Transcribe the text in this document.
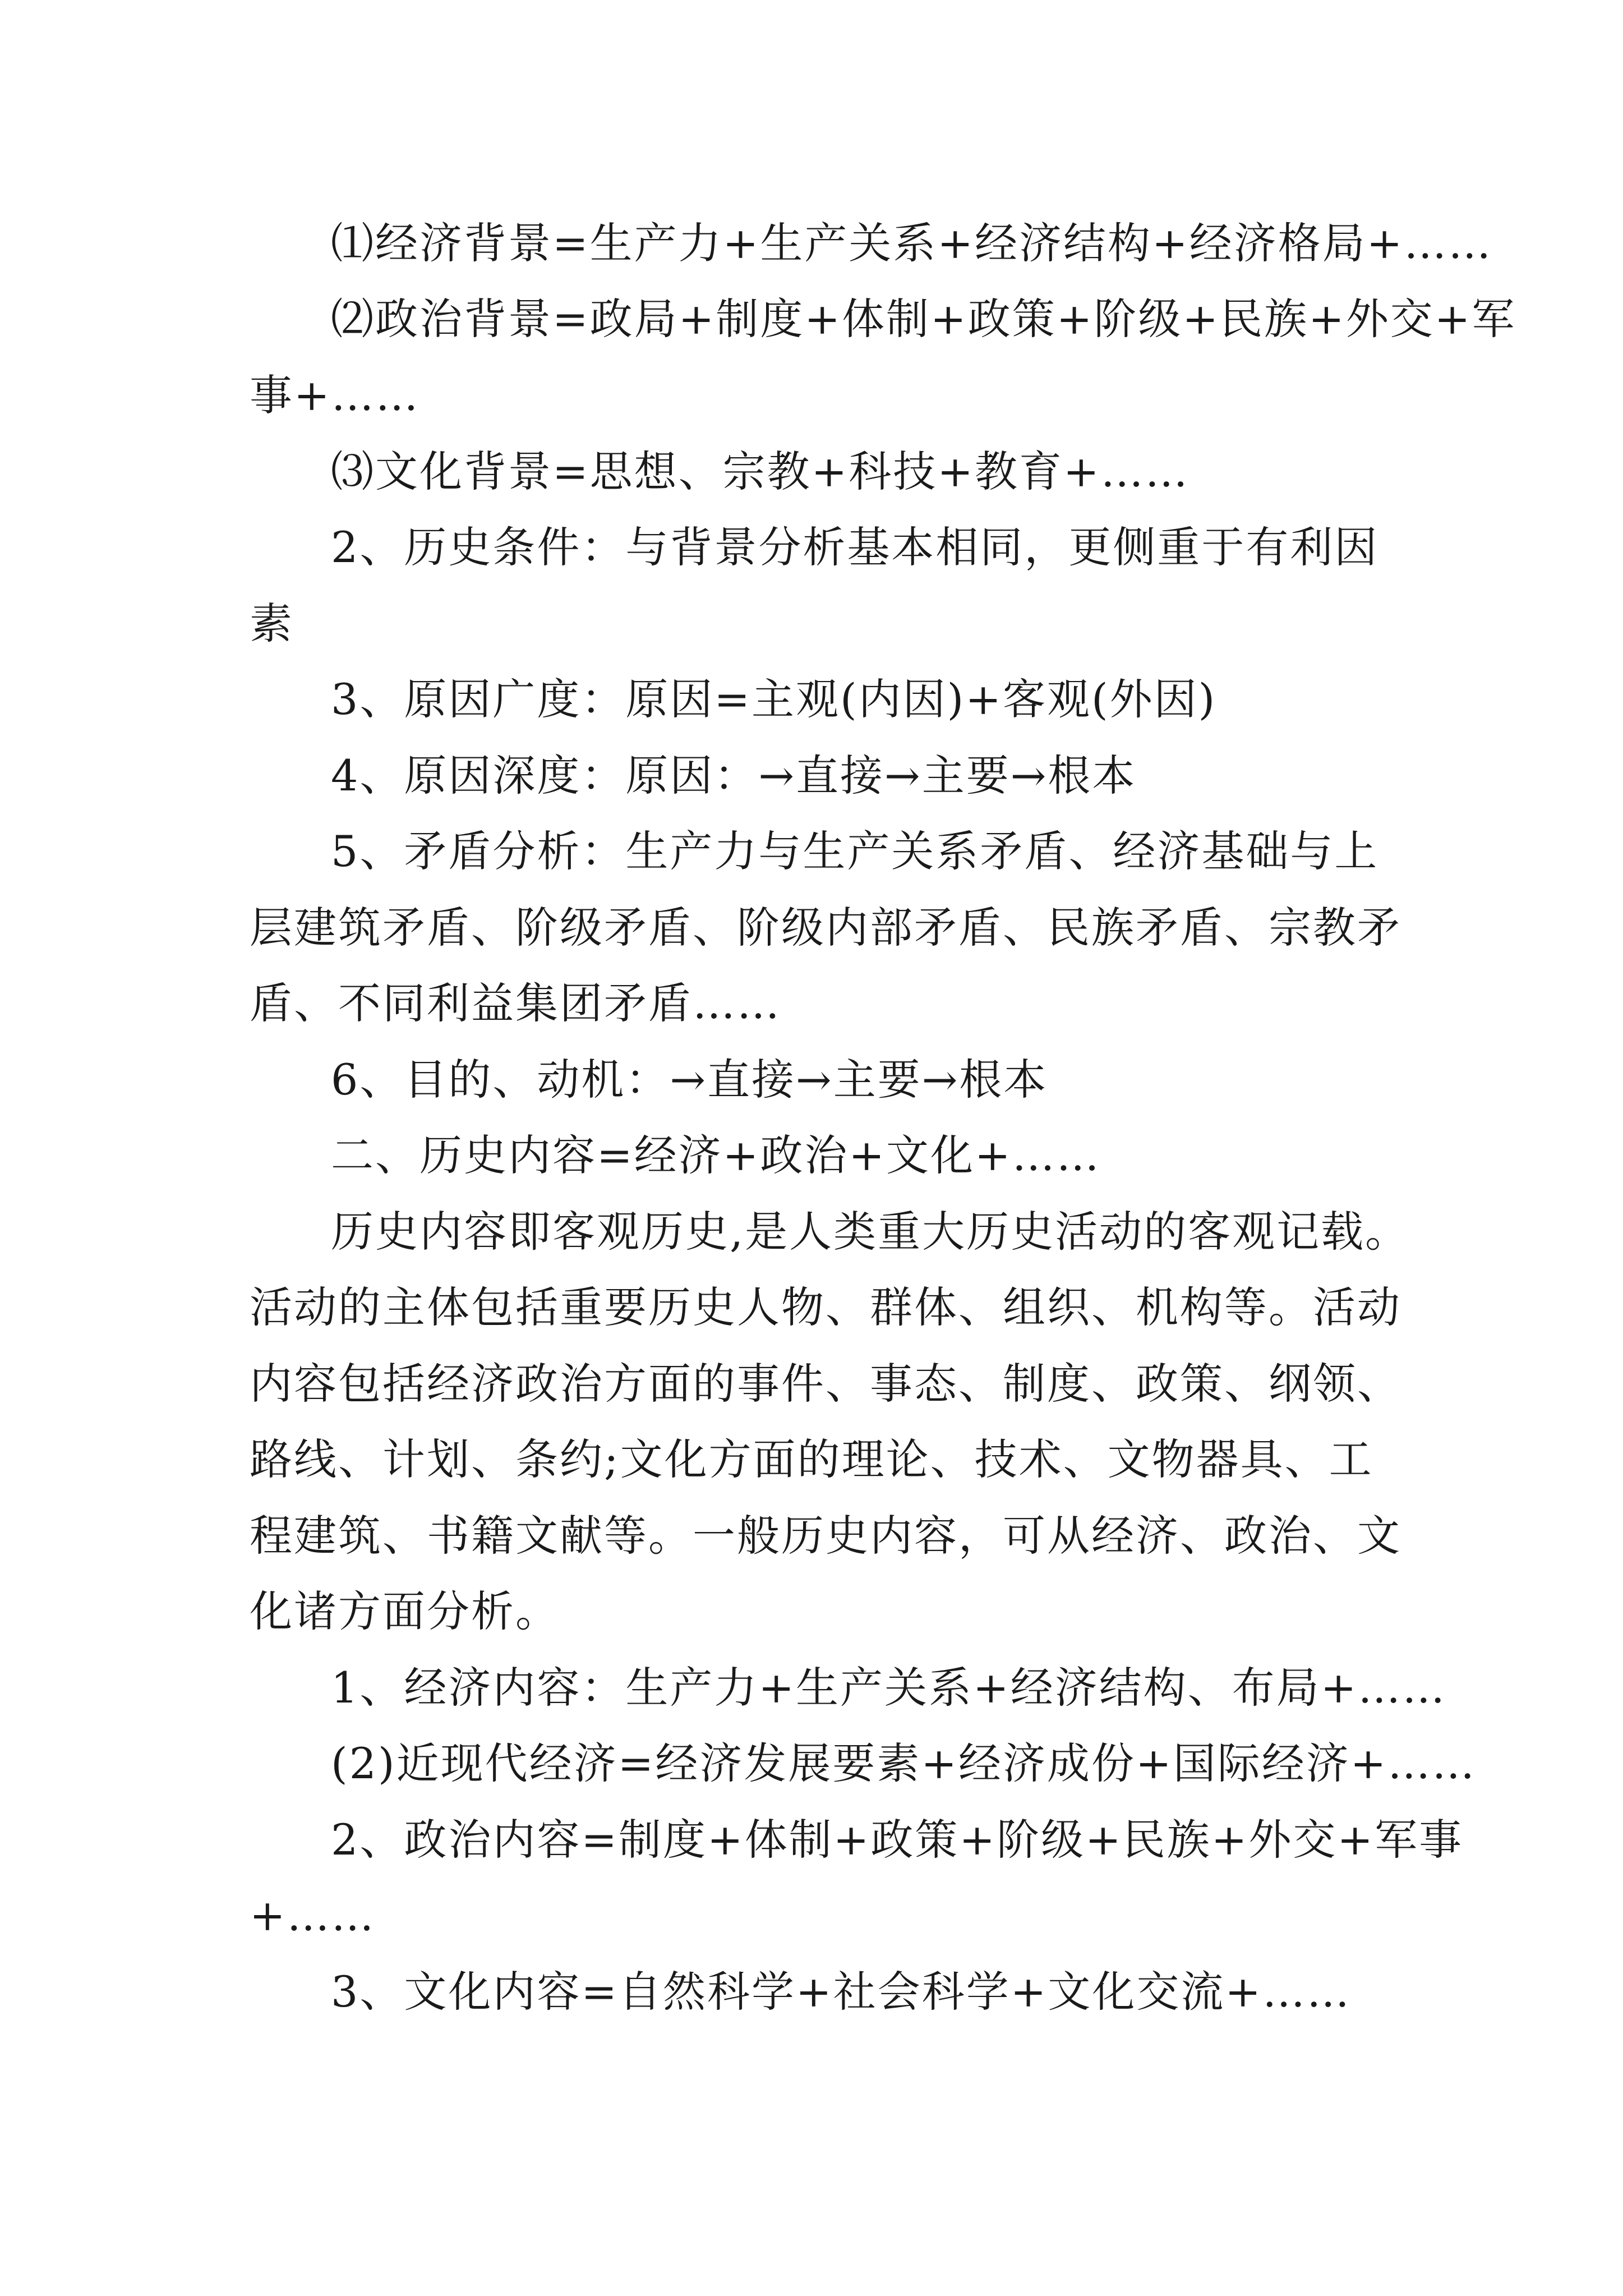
⑴经济背景=生产力+生产关系+经济结构+经济格局+……
⑵政治背景=政局+制度+体制+政策+阶级+民族+外交+军
事+……
⑶文化背景=思想、宗教+科技+教育+……
2、历史条件：与背景分析基本相同，更侧重于有利因
素
3、原因广度：原因=主观(内因)+客观(外因)
4、原因深度：原因：→直接→主要→根本
5、矛盾分析：生产力与生产关系矛盾、经济基础与上
层建筑矛盾、阶级矛盾、阶级内部矛盾、民族矛盾、宗教矛
盾、不同利益集团矛盾……
6、目的、动机：→直接→主要→根本
二、历史内容=经济+政治+文化+……
历史内容即客观历史,是人类重大历史活动的客观记载。
活动的主体包括重要历史人物、群体、组织、机构等。活动
内容包括经济政治方面的事件、事态、制度、政策、纲领、
路线、计划、条约;文化方面的理论、技术、文物器具、工
程建筑、书籍文献等。一般历史内容，可从经济、政治、文
化诸方面分析。
1、经济内容：生产力+生产关系+经济结构、布局+……
(2)近现代经济=经济发展要素+经济成份+国际经济+……
2、政治内容=制度+体制+政策+阶级+民族+外交+军事
+……
3、文化内容=自然科学+社会科学+文化交流+……
